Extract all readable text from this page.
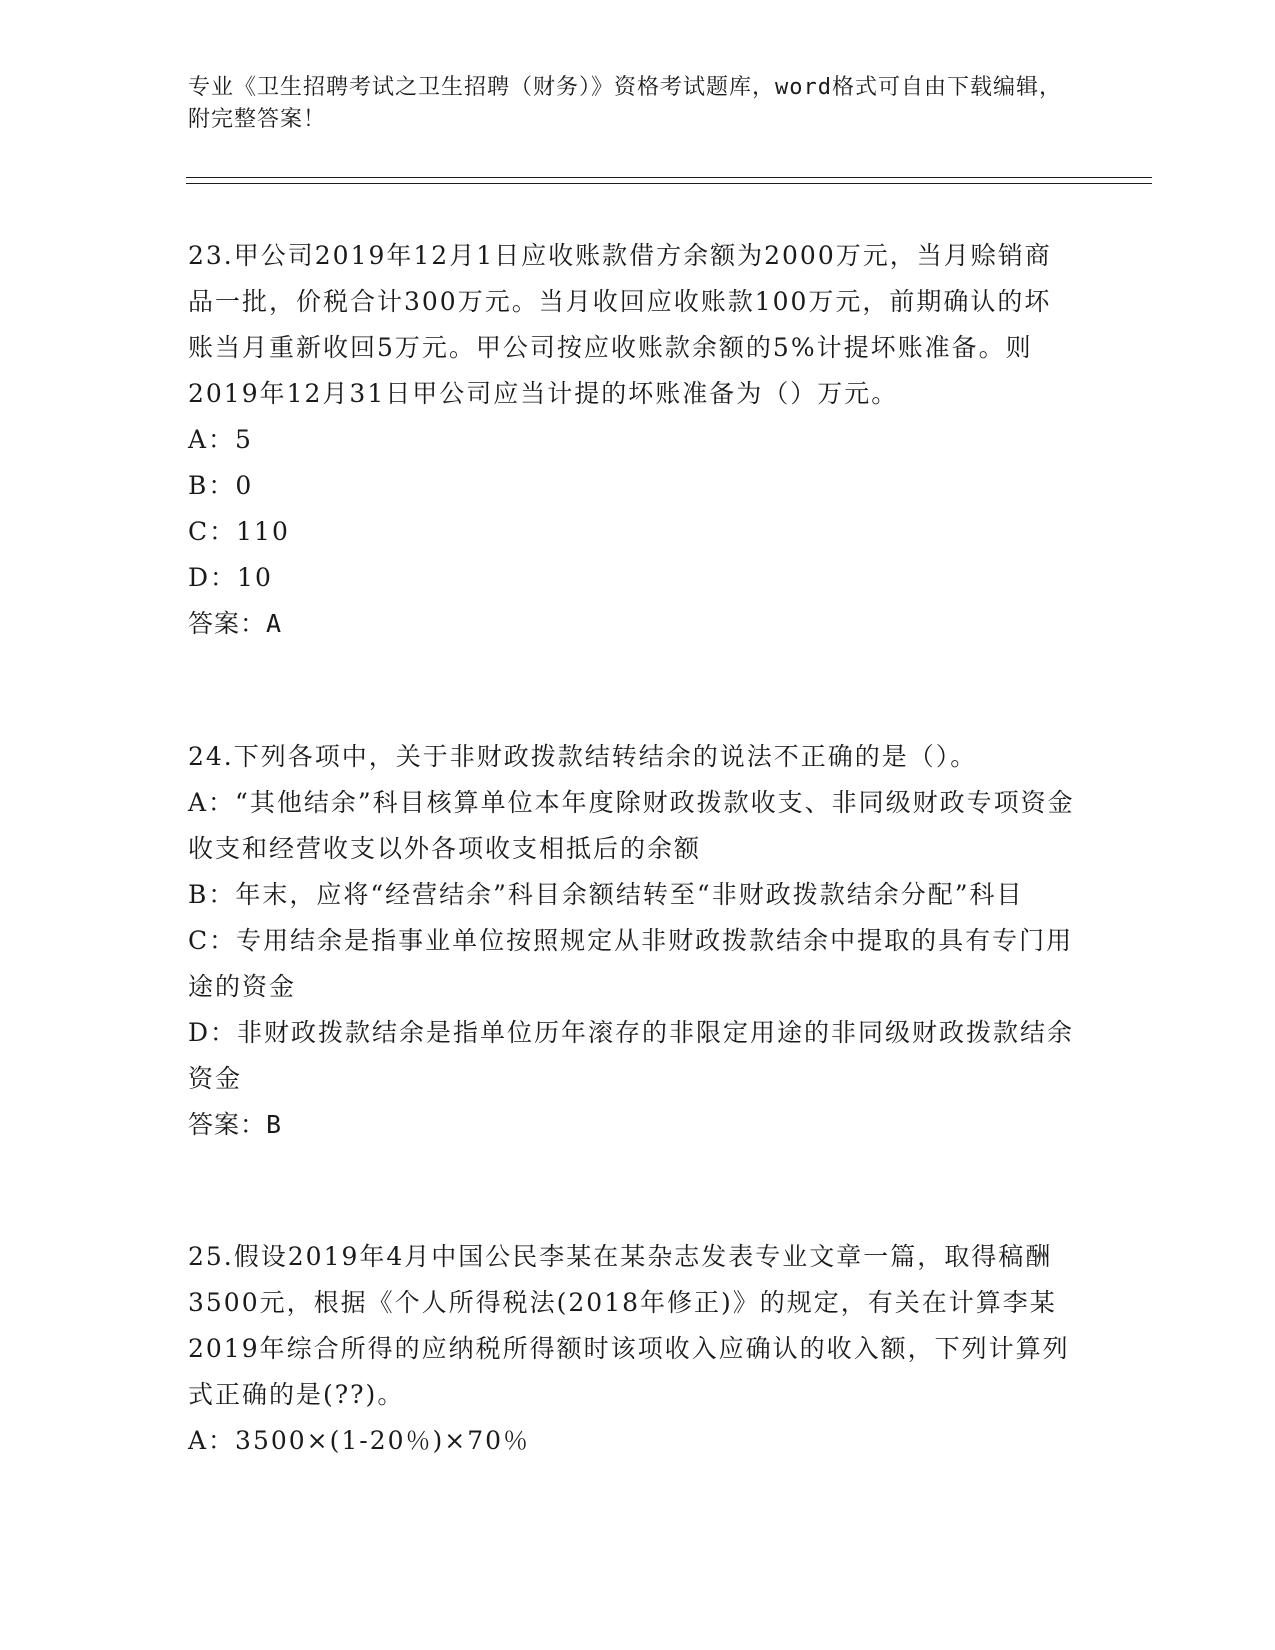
专业《卫生招聘考试之卫生招聘（财务）》资格考试题库，word格式可自由下载编辑，附完整答案！
23.甲公司2019年12月1日应收账款借方余额为2000万元，当月赊销商品一批，价税合计300万元。当月收回应收账款100万元，前期确认的坏账当月重新收回5万元。甲公司按应收账款余额的5%计提坏账准备。则2019年12月31日甲公司应当计提的坏账准备为（）万元。
A：5
B：0
C：110
D：10
答案：A
24.下列各项中，关于非财政拨款结转结余的说法不正确的是（）。
A：“其他结余”科目核算单位本年度除财政拨款收支、非同级财政专项资金收支和经营收支以外各项收支相抵后的余额
B：年末，应将“经营结余”科目余额结转至“非财政拨款结余分配”科目
C：专用结余是指事业单位按照规定从非财政拨款结余中提取的具有专门用途的资金
D：非财政拨款结余是指单位历年滚存的非限定用途的非同级财政拨款结余资金
答案：B
25.假设2019年4月中国公民李某在某杂志发表专业文章一篇，取得稿酬3500元，根据《个人所得税法(2018年修正)》的规定，有关在计算李某2019年综合所得的应纳税所得额时该项收入应确认的收入额，下列计算列式正确的是(??)。
A：3500×(1-20％)×70％
